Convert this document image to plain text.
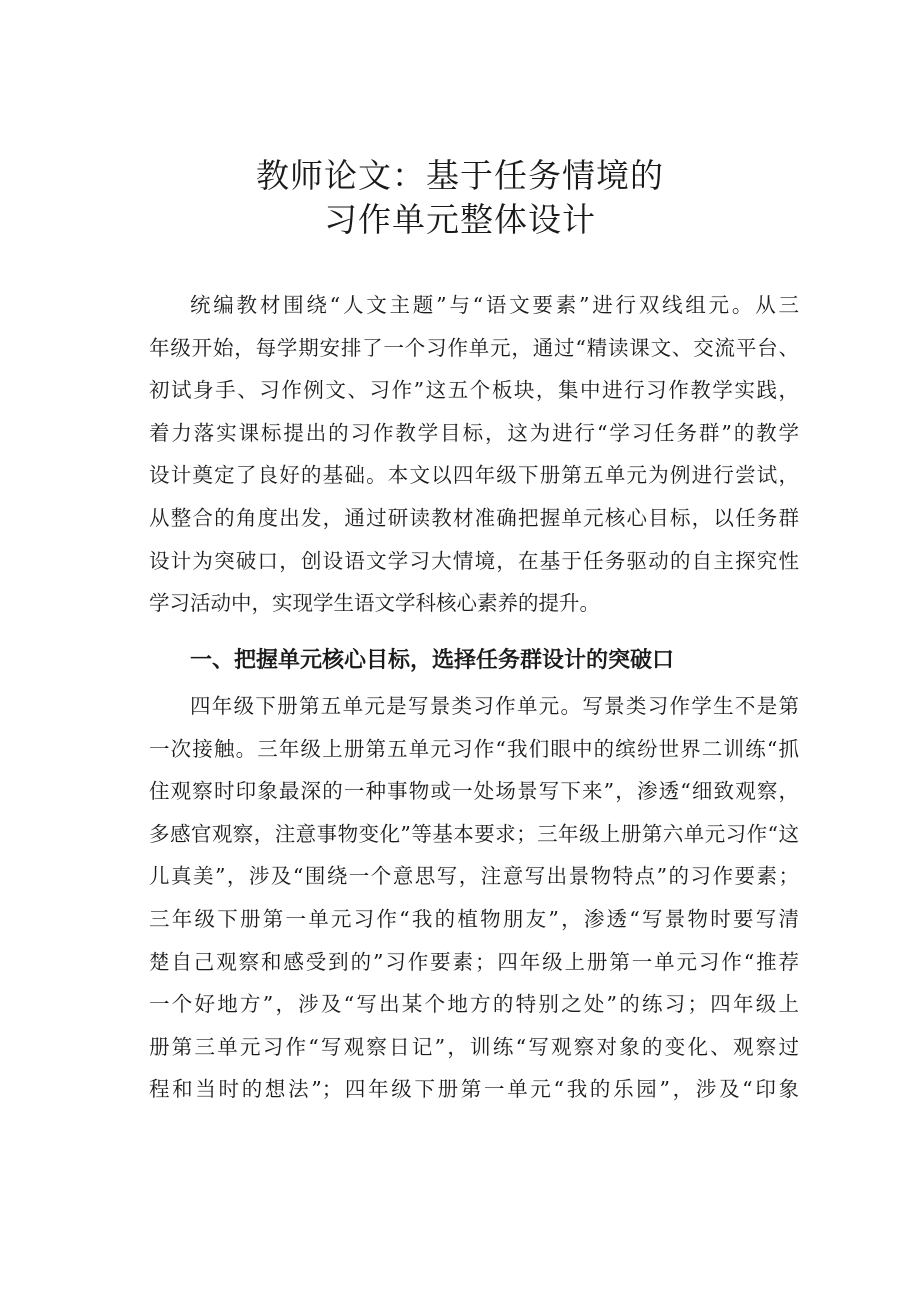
教师论文：基于任务情境的
习作单元整体设计
统编教材围绕“人文主题”与“语文要素”进行双线组元。从三
年级开始，每学期安排了一个习作单元，通过“精读课文、交流平台、
初试身手、习作例文、习作”这五个板块，集中进行习作教学实践，
着力落实课标提出的习作教学目标，这为进行“学习任务群”的教学
设计奠定了良好的基础。本文以四年级下册第五单元为例进行尝试，
从整合的角度出发，通过研读教材准确把握单元核心目标，以任务群
设计为突破口，创设语文学习大情境，在基于任务驱动的自主探究性
学习活动中，实现学生语文学科核心素养的提升。
一、把握单元核心目标，选择任务群设计的突破口
四年级下册第五单元是写景类习作单元。写景类习作学生不是第
一次接触。三年级上册第五单元习作“我们眼中的缤纷世界二训练“抓
住观察时印象最深的一种事物或一处场景写下来”，渗透“细致观察，
多感官观察，注意事物变化”等基本要求；三年级上册第六单元习作“这
儿真美”，涉及“围绕一个意思写，注意写出景物特点”的习作要素；
三年级下册第一单元习作“我的植物朋友”，渗透“写景物时要写清
楚自己观察和感受到的”习作要素；四年级上册第一单元习作“推荐
一个好地方”，涉及“写出某个地方的特别之处”的练习；四年级上
册第三单元习作“写观察日记”，训练“写观察对象的变化、观察过
程和当时的想法”；四年级下册第一单元“我的乐园”，涉及“印象
